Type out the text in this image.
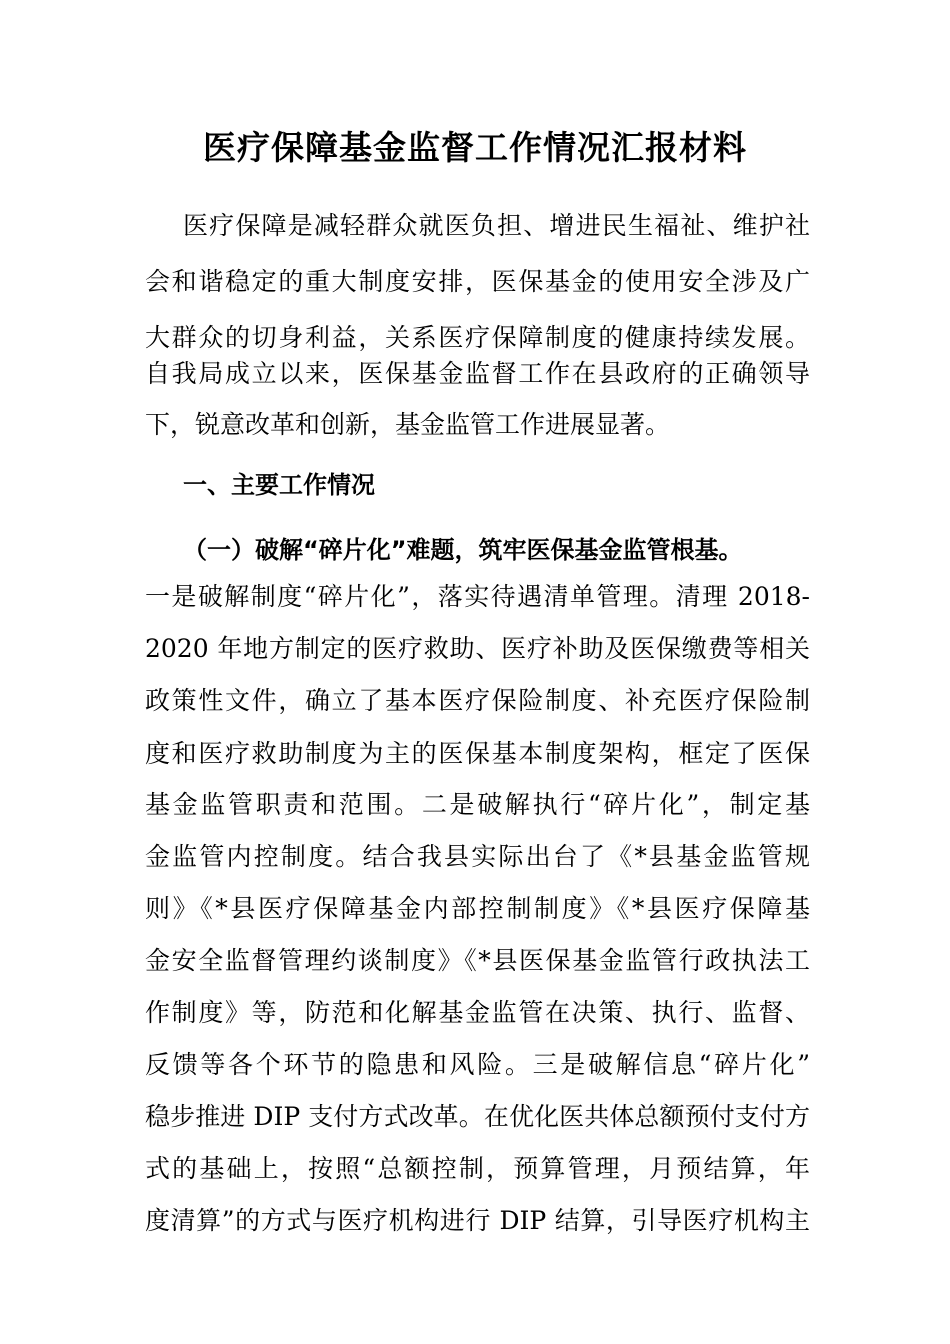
医疗保障基金监督工作情况汇报材料
医疗保障是减轻群众就医负担、增进民生福祉、维护社
会和谐稳定的重大制度安排，医保基金的使用安全涉及广
大群众的切身利益，关系医疗保障制度的健康持续发展。
自我局成立以来，医保基金监督工作在县政府的正确领导
下，锐意改革和创新，基金监管工作进展显著。
一、主要工作情况
（一）破解“碎片化”难题，筑牢医保基金监管根基。
一是破解制度“碎片化”，落实待遇清单管理。清理 2018-
2020 年地方制定的医疗救助、医疗补助及医保缴费等相关
政策性文件，确立了基本医疗保险制度、补充医疗保险制
度和医疗救助制度为主的医保基本制度架构，框定了医保
基金监管职责和范围。二是破解执行“碎片化”，制定基
金监管内控制度。结合我县实际出台了《*县基金监管规
则》《*县医疗保障基金内部控制制度》《*县医疗保障基
金安全监督管理约谈制度》《*县医保基金监管行政执法工
作制度》等，防范和化解基金监管在决策、执行、监督、
反馈等各个环节的隐患和风险。三是破解信息“碎片化”
稳步推进 DIP 支付方式改革。在优化医共体总额预付支付方
式的基础上，按照“总额控制，预算管理，月预结算，年
度清算”的方式与医疗机构进行 DIP 结算，引导医疗机构主
